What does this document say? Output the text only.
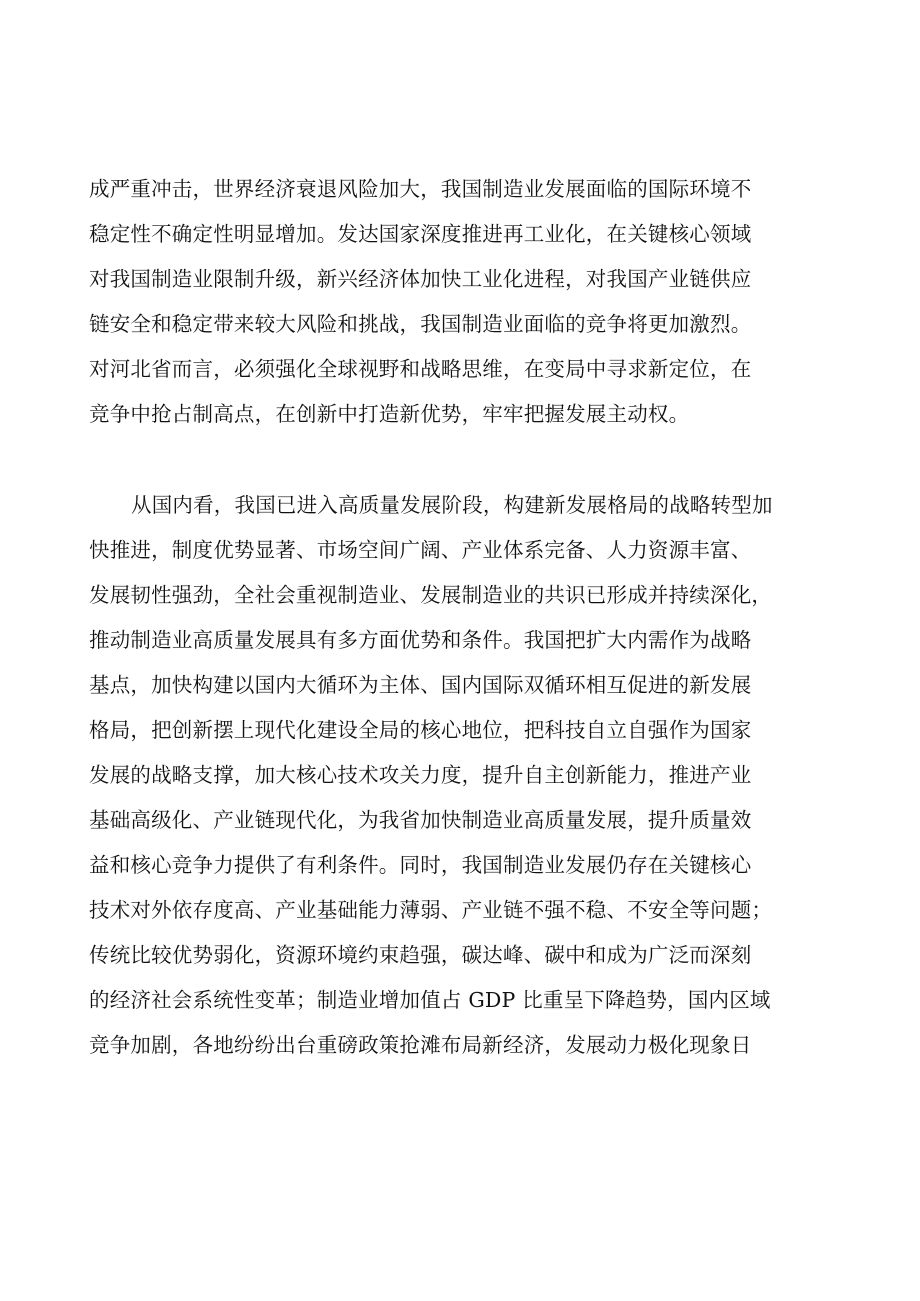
成严重冲击，世界经济衰退风险加大，我国制造业发展面临的国际环境不
稳定性不确定性明显增加。发达国家深度推进再工业化，在关键核心领域
对我国制造业限制升级，新兴经济体加快工业化进程，对我国产业链供应
链安全和稳定带来较大风险和挑战，我国制造业面临的竞争将更加激烈。
对河北省而言，必须强化全球视野和战略思维，在变局中寻求新定位，在
竞争中抢占制高点，在创新中打造新优势，牢牢把握发展主动权。
从国内看，我国已进入高质量发展阶段，构建新发展格局的战略转型加
快推进，制度优势显著、市场空间广阔、产业体系完备、人力资源丰富、
发展韧性强劲，全社会重视制造业、发展制造业的共识已形成并持续深化，
推动制造业高质量发展具有多方面优势和条件。我国把扩大内需作为战略
基点，加快构建以国内大循环为主体、国内国际双循环相互促进的新发展
格局，把创新摆上现代化建设全局的核心地位，把科技自立自强作为国家
发展的战略支撑，加大核心技术攻关力度，提升自主创新能力，推进产业
基础高级化、产业链现代化，为我省加快制造业高质量发展，提升质量效
益和核心竞争力提供了有利条件。同时，我国制造业发展仍存在关键核心
技术对外依存度高、产业基础能力薄弱、产业链不强不稳、不安全等问题；
传统比较优势弱化，资源环境约束趋强，碳达峰、碳中和成为广泛而深刻
的经济社会系统性变革；制造业增加值占 GDP 比重呈下降趋势，国内区域
竞争加剧，各地纷纷出台重磅政策抢滩布局新经济，发展动力极化现象日
